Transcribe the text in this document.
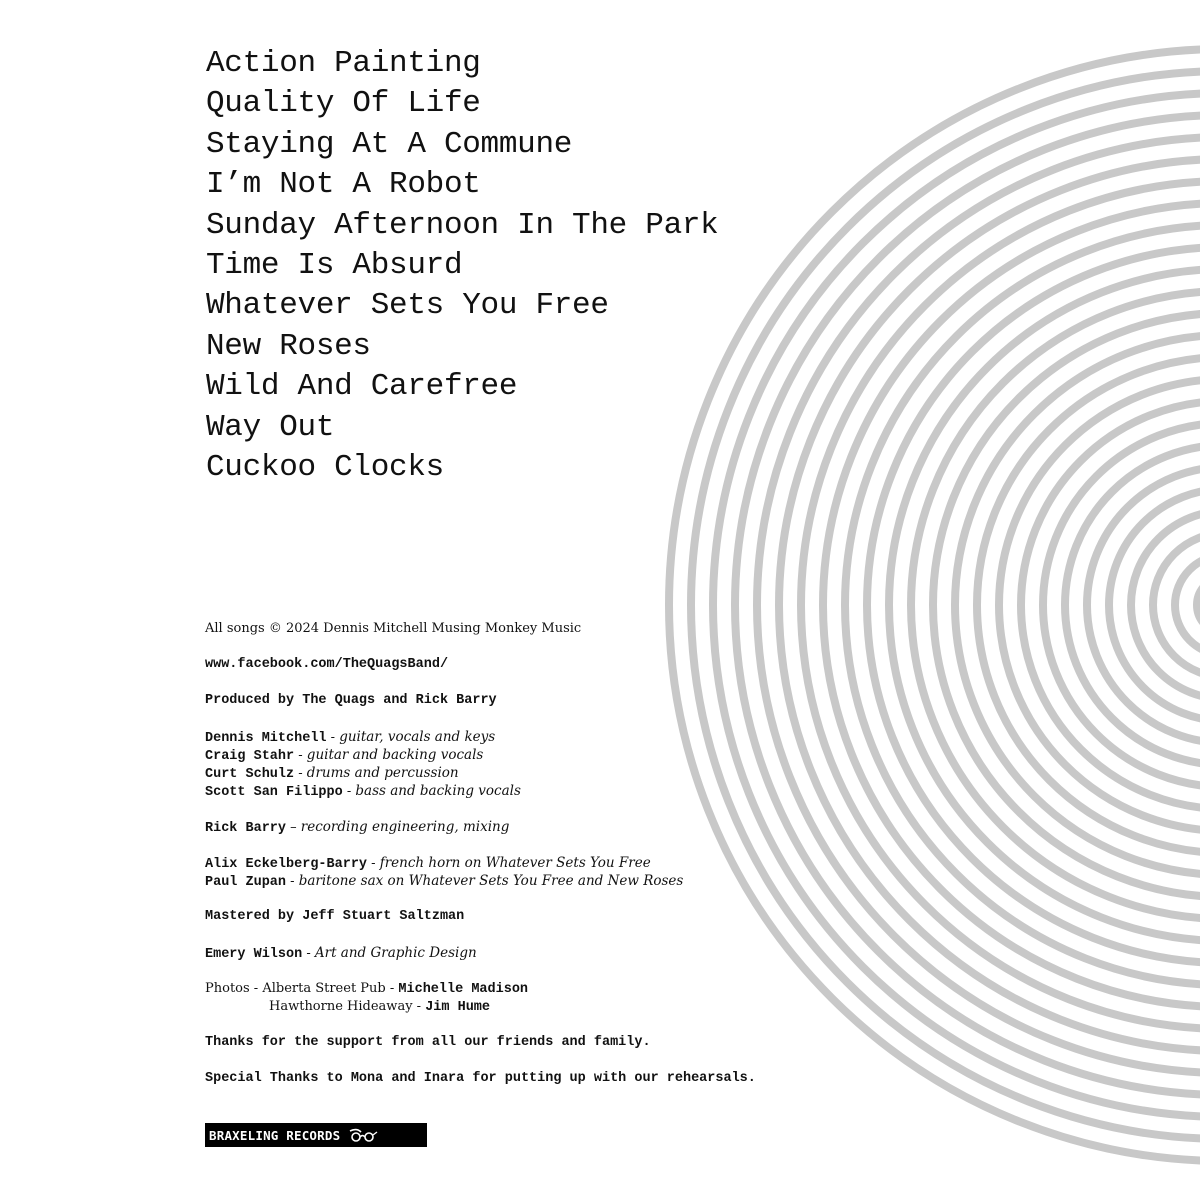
Action Painting
Quality Of Life
Staying At A Commune
I’m Not A Robot
Sunday Afternoon In The Park
Time Is Absurd
Whatever Sets You Free
New Roses
Wild And Carefree
Way Out
Cuckoo Clocks
All songs © 2024 Dennis Mitchell Musing Monkey Music
www.facebook.com/TheQuagsBand/
Produced by The Quags and Rick Barry
Dennis Mitchell - guitar, vocals and keys
Craig Stahr - guitar and backing vocals
Curt Schulz - drums and percussion
Scott San Filippo - bass and backing vocals
Rick Barry – recording engineering, mixing
Alix Eckelberg-Barry - french horn on Whatever Sets You Free
Paul Zupan - baritone sax on Whatever Sets You Free and New Roses
Mastered by Jeff Stuart Saltzman
Emery Wilson - Art and Graphic Design
Photos - Alberta Street Pub - Michelle Madison
Hawthorne Hideaway - Jim Hume
Thanks for the support from all our friends and family.
Special Thanks to Mona and Inara for putting up with our rehearsals.
BRAXELING RECORDS
